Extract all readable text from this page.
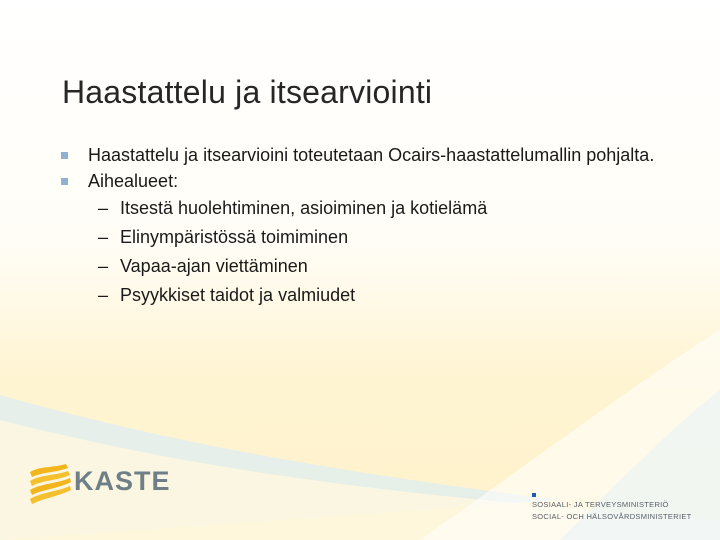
Haastattelu ja itsearviointi
Haastattelu ja itsearvioini toteutetaan Ocairs-haastattelumallin pohjalta.
Aihealueet:
– Itsestä huolehtiminen, asioiminen ja kotielämä
– Elinympäristössä toimiminen
– Vapaa-ajan viettäminen
– Psyykkiset taidot ja valmiudet
KASTE
SOSIAALI- JA TERVEYSMINISTERIÖ
SOCIAL- OCH HÄLSOVÅRDSMINISTERIET
